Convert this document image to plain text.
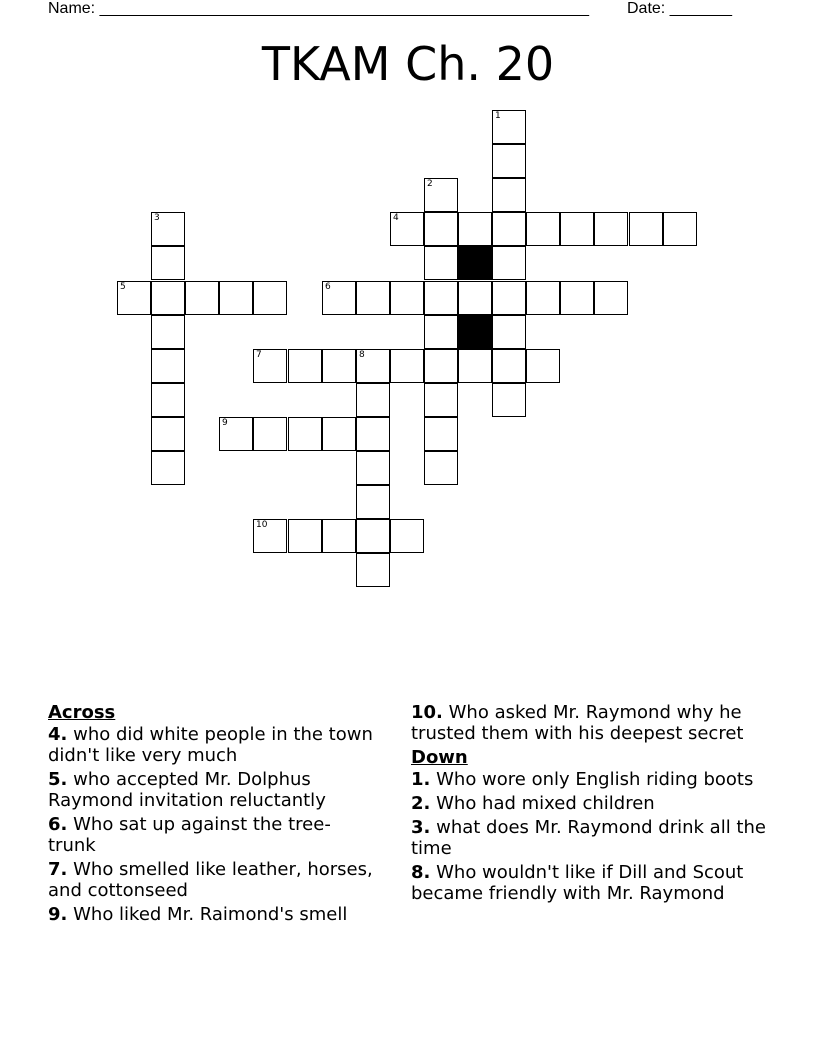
Name: _______________________________________________________ Date: _______
TKAM Ch. 20
1
2
3	4
5	6
7	8
9
10
Across
4. who did white people in the town didn't like very much
5. who accepted Mr. Dolphus Raymond invitation reluctantly
6. Who sat up against the tree-trunk
7. Who smelled like leather, horses, and cottonseed
9. Who liked Mr. Raimond's smell
10. Who asked Mr. Raymond why he trusted them with his deepest secret
Down
1. Who wore only English riding boots
2. Who had mixed children
3. what does Mr. Raymond drink all the time
8. Who wouldn't like if Dill and Scout became friendly with Mr. Raymond
